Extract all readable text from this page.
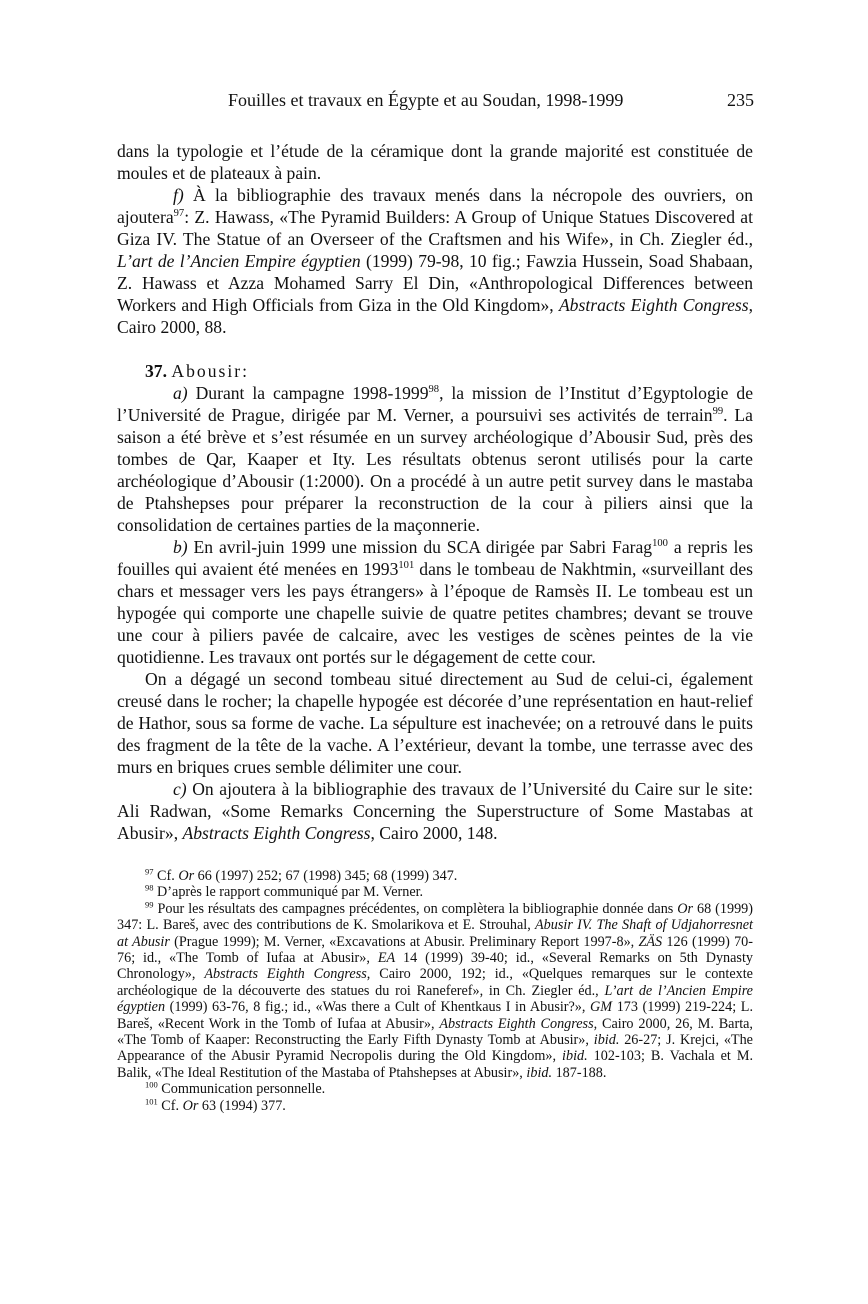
Fouilles et travaux en Égypte et au Soudan, 1998-1999	235

dans la typologie et l’étude de la céramique dont la grande majorité est constituée de moules et de plateaux à pain.

f) À la bibliographie des travaux menés dans la nécropole des ouvriers, on ajoutera$^{97}$: Z. Hawass, «The Pyramid Builders: A Group of Unique Statues Discovered at Giza IV. The Statue of an Overseer of the Craftsmen and his Wife», in Ch. Ziegler éd., L’art de l’Ancien Empire égyptien (1999) 79-98, 10 fig.; Fawzia Hussein, Soad Shabaan, Z. Hawass et Azza Mohamed Sarry El Din, «Anthropological Differences between Workers and High Officials from Giza in the Old Kingdom», Abstracts Eighth Congress, Cairo 2000, 88.

37. Abousir:

a) Durant la campagne 1998-1999$^{98}$, la mission de l’Institut d’Egyptologie de l’Université de Prague, dirigée par M. Verner, a poursuivi ses activités de terrain$^{99}$. La saison a été brève et s’est résumée en un survey archéologique d’Abousir Sud, près des tombes de Qar, Kaaper et Ity. Les résultats obtenus seront utilisés pour la carte archéologique d’Abousir (1:2000). On a procédé à un autre petit survey dans le mastaba de Ptahshepses pour préparer la reconstruction de la cour à piliers ainsi que la consolidation de certaines parties de la maçonnerie.

b) En avril-juin 1999 une mission du SCA dirigée par Sabri Farag$^{100}$ a repris les fouilles qui avaient été menées en 1993$^{101}$ dans le tombeau de Nakhtmin, «surveillant des chars et messager vers les pays étrangers» à l’époque de Ramsès II. Le tombeau est un hypogée qui comporte une chapelle suivie de quatre petites chambres; devant se trouve une cour à piliers pavée de calcaire, avec les vestiges de scènes peintes de la vie quotidienne. Les travaux ont portés sur le dégagement de cette cour.

On a dégagé un second tombeau situé directement au Sud de celui-ci, également creusé dans le rocher; la chapelle hypogée est décorée d’une représentation en haut-relief de Hathor, sous sa forme de vache. La sépulture est inachevée; on a retrouvé dans le puits des fragment de la tête de la vache. A l’extérieur, devant la tombe, une terrasse avec des murs en briques crues semble délimiter une cour.

c) On ajoutera à la bibliographie des travaux de l’Université du Caire sur le site: Ali Radwan, «Some Remarks Concerning the Superstructure of Some Mastabas at Abusir», Abstracts Eighth Congress, Cairo 2000, 148.

$^{97}$ Cf. Or 66 (1997) 252; 67 (1998) 345; 68 (1999) 347.

$^{98}$ D’après le rapport communiqué par M. Verner.

$^{99}$ Pour les résultats des campagnes précédentes, on complètera la bibliographie donnée dans Or 68 (1999) 347: L. Bareš, avec des contributions de K. Smolarikova et E. Strouhal, Abusir IV. The Shaft of Udjahorresnet at Abusir (Prague 1999); M. Verner, «Excavations at Abusir. Preliminary Report 1997-8», ZÄS 126 (1999) 70-76; id., «The Tomb of Iufaa at Abusir», EA 14 (1999) 39-40; id., «Several Remarks on 5th Dynasty Chronology», Abstracts Eighth Congress, Cairo 2000, 192; id., «Quelques remarques sur le contexte archéologique de la découverte des statues du roi Raneferef», in Ch. Ziegler éd., L’art de l’Ancien Empire égyptien (1999) 63-76, 8 fig.; id., «Was there a Cult of Khentkaus I in Abusir?», GM 173 (1999) 219-224; L. Bareš, «Recent Work in the Tomb of Iufaa at Abusir», Abstracts Eighth Congress, Cairo 2000, 26, M. Barta, «The Tomb of Kaaper: Reconstructing the Early Fifth Dynasty Tomb at Abusir», ibid. 26-27; J. Krejci, «The Appearance of the Abusir Pyramid Necropolis during the Old Kingdom», ibid. 102-103; B. Vachala et M. Balik, «The Ideal Restitution of the Mastaba of Ptahshepses at Abusir», ibid. 187-188.

$^{100}$ Communication personnelle.

$^{101}$ Cf. Or 63 (1994) 377.
